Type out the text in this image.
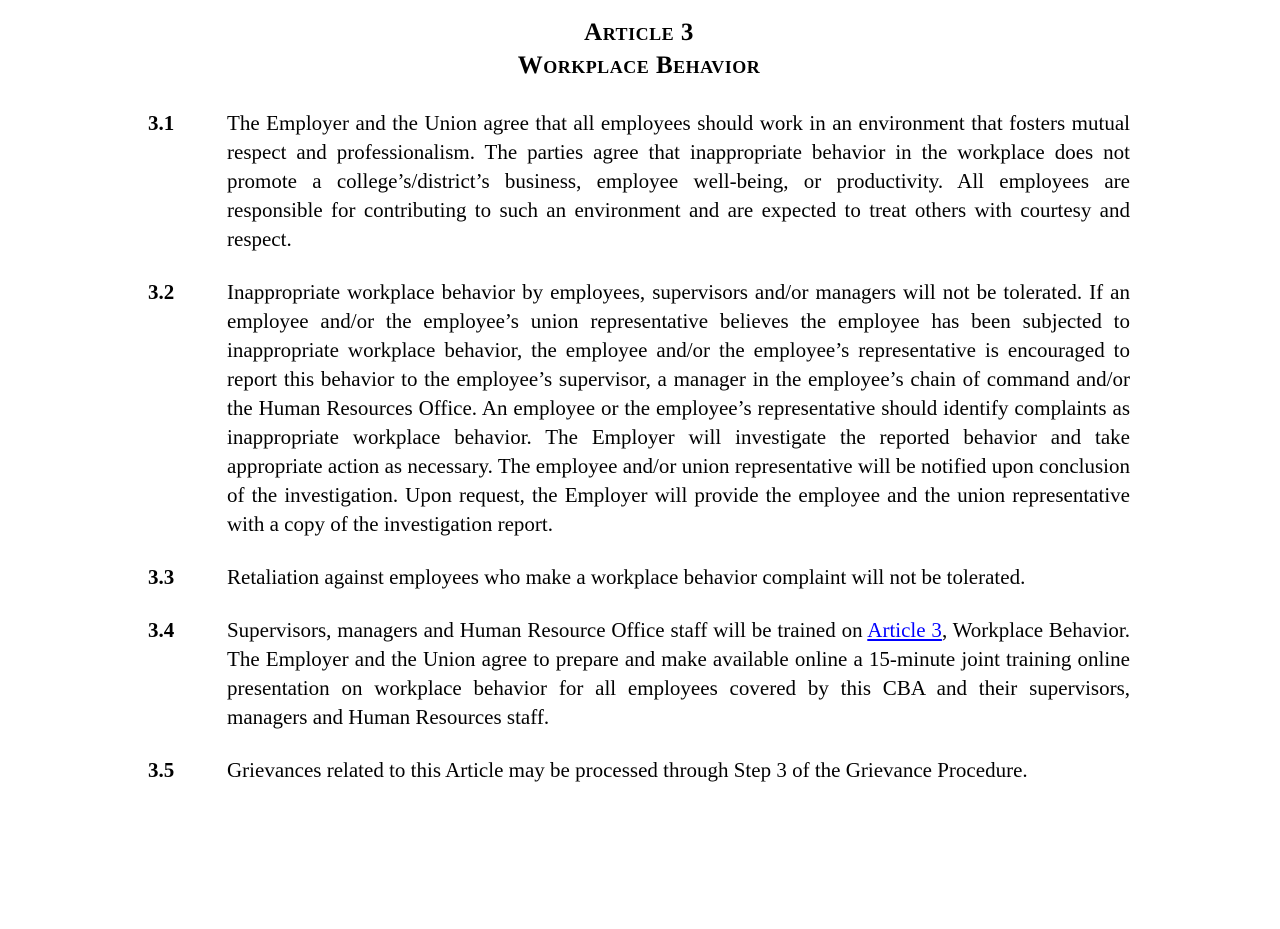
Article 3
Workplace Behavior
3.1	The Employer and the Union agree that all employees should work in an environment that fosters mutual respect and professionalism. The parties agree that inappropriate behavior in the workplace does not promote a college’s/district’s business, employee well-being, or productivity. All employees are responsible for contributing to such an environment and are expected to treat others with courtesy and respect.
3.2	Inappropriate workplace behavior by employees, supervisors and/or managers will not be tolerated. If an employee and/or the employee’s union representative believes the employee has been subjected to inappropriate workplace behavior, the employee and/or the employee’s representative is encouraged to report this behavior to the employee’s supervisor, a manager in the employee’s chain of command and/or the Human Resources Office. An employee or the employee’s representative should identify complaints as inappropriate workplace behavior. The Employer will investigate the reported behavior and take appropriate action as necessary. The employee and/or union representative will be notified upon conclusion of the investigation. Upon request, the Employer will provide the employee and the union representative with a copy of the investigation report.
3.3	Retaliation against employees who make a workplace behavior complaint will not be tolerated.
3.4	Supervisors, managers and Human Resource Office staff will be trained on Article 3, Workplace Behavior. The Employer and the Union agree to prepare and make available online a 15-minute joint training online presentation on workplace behavior for all employees covered by this CBA and their supervisors, managers and Human Resources staff.
3.5	Grievances related to this Article may be processed through Step 3 of the Grievance Procedure.
